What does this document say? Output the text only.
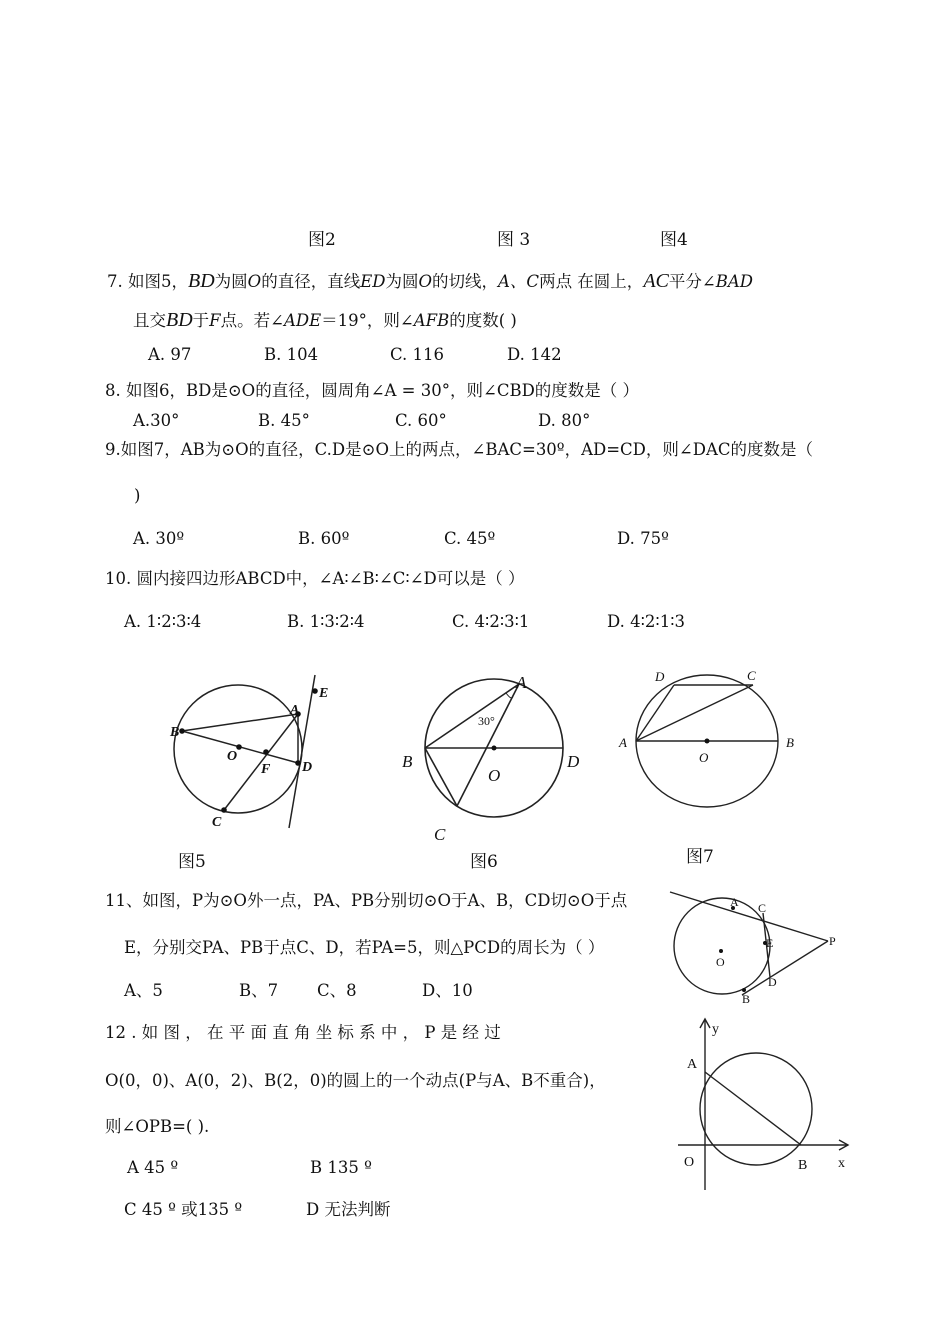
图2	图 3	图4
7. 如图5，BD为圆O的直径，直线ED为圆O的切线，A、C两点 在圆上，AC平分∠BAD
且交BD于F点。若∠ADE＝19°，则∠AFB的度数( )
A. 97	B. 104	C. 116	D. 142
8. 如图6，BD是⊙O的直径，圆周角∠A = 30°，则∠CBD的度数是（ ）
A.30°	B. 45°	C. 60°	D. 80°
9.如图7，AB为⊙O的直径，C.D是⊙O上的两点，∠BAC=30º，AD=CD，则∠DAC的度数是（
)
A. 30º	B. 60º	C. 45º	D. 75º
10. 圆内接四边形ABCD中，∠A∶∠B∶∠C∶∠D可以是（ ）
A. 1∶2∶3∶4	B. 1∶3∶2∶4	C. 4∶2∶3∶1	D. 4∶2∶1∶3
B
A
E
O
F D
C
A
B
O
D
C
30°
D	C
A
O
B
A C
O
E	P
B
D
y
A
O	B x
图5	图6	图7
11、如图，P为⊙O外一点，PA、PB分别切⊙O于A、B，CD切⊙O于点
E，分别交PA、PB于点C、D，若PA=5，则△PCD的周长为（ ）
A、5	B、7 C、8	D、10
12 . 如 图 ， 在 平 面 直 角 坐 标 系 中 ， P 是 经 过
O(0，0)、A(0，2)、B(2，0)的圆上的一个动点(P与A、B不重合)，
则∠OPB=( ).
A 45 º	B 135 º
C 45 º 或135 º	D 无法判断
